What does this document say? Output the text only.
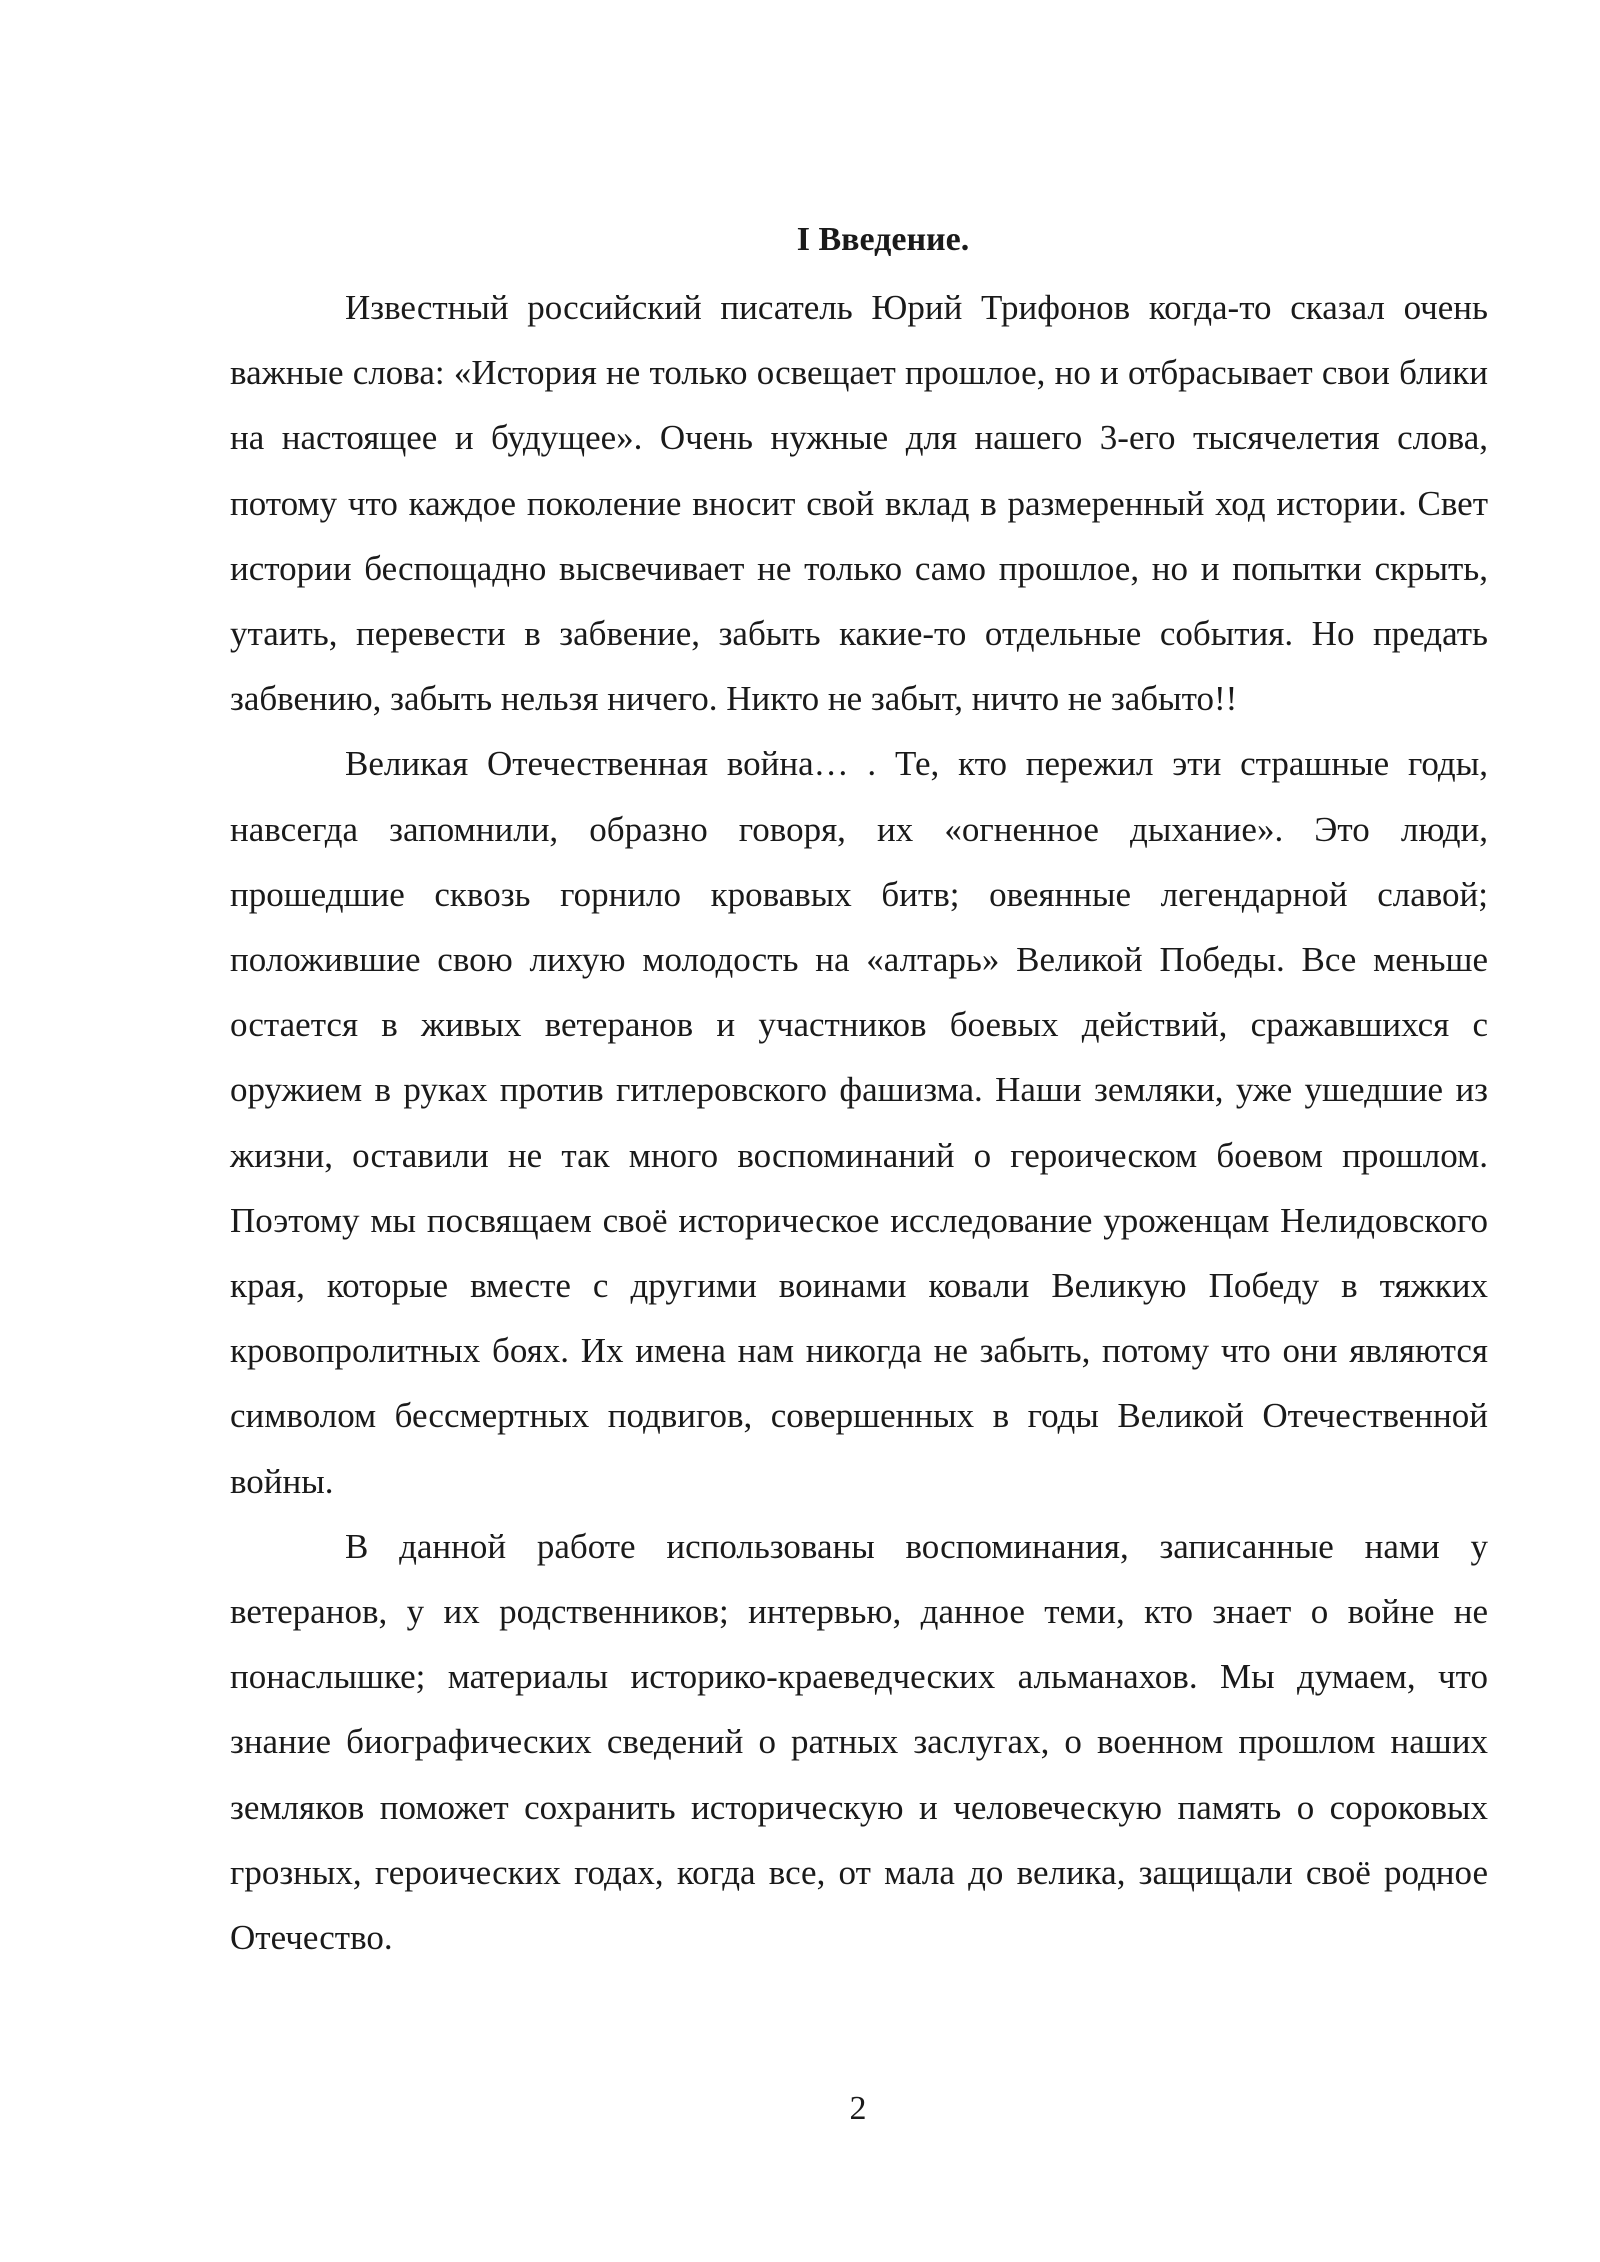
I Введение.

Известный российский писатель Юрий Трифонов когда-то сказал очень важные слова: «История не только освещает прошлое, но и отбрасывает свои блики на настоящее и будущее». Очень нужные для нашего 3-его тысячелетия слова, потому что каждое поколение вносит свой вклад в размеренный ход истории. Свет истории беспощадно высвечивает не только само прошлое, но и попытки скрыть, утаить, перевести в забвение, забыть какие-то отдельные события. Но предать забвению, забыть нельзя ничего. Никто не забыт, ничто не забыто!!

Великая Отечественная война… . Те, кто пережил эти страшные годы, навсегда запомнили, образно говоря, их «огненное дыхание». Это люди, прошедшие сквозь горнило кровавых битв; овеянные легендарной славой; положившие свою лихую молодость на «алтарь» Великой Победы. Все меньше остается в живых ветеранов и участников боевых действий, сражавшихся с оружием в руках против гитлеровского фашизма. Наши земляки, уже ушедшие из жизни, оставили не так много воспоминаний о героическом боевом прошлом. Поэтому мы посвящаем своё историческое исследование уроженцам Нелидовского края, которые вместе с другими воинами ковали Великую Победу в тяжких кровопролитных боях. Их имена нам никогда не забыть, потому что они являются символом бессмертных подвигов, совершенных в годы Великой Отечественной войны.

В данной работе использованы воспоминания, записанные нами у ветеранов, у их родственников; интервью, данное теми, кто знает о войне не понаслышке; материалы историко-краеведческих альманахов. Мы думаем, что знание биографических сведений о ратных заслугах, о военном прошлом наших земляков поможет сохранить историческую и человеческую память о сороковых грозных, героических годах, когда все, от мала до велика, защищали своё родное Отечество.

2
